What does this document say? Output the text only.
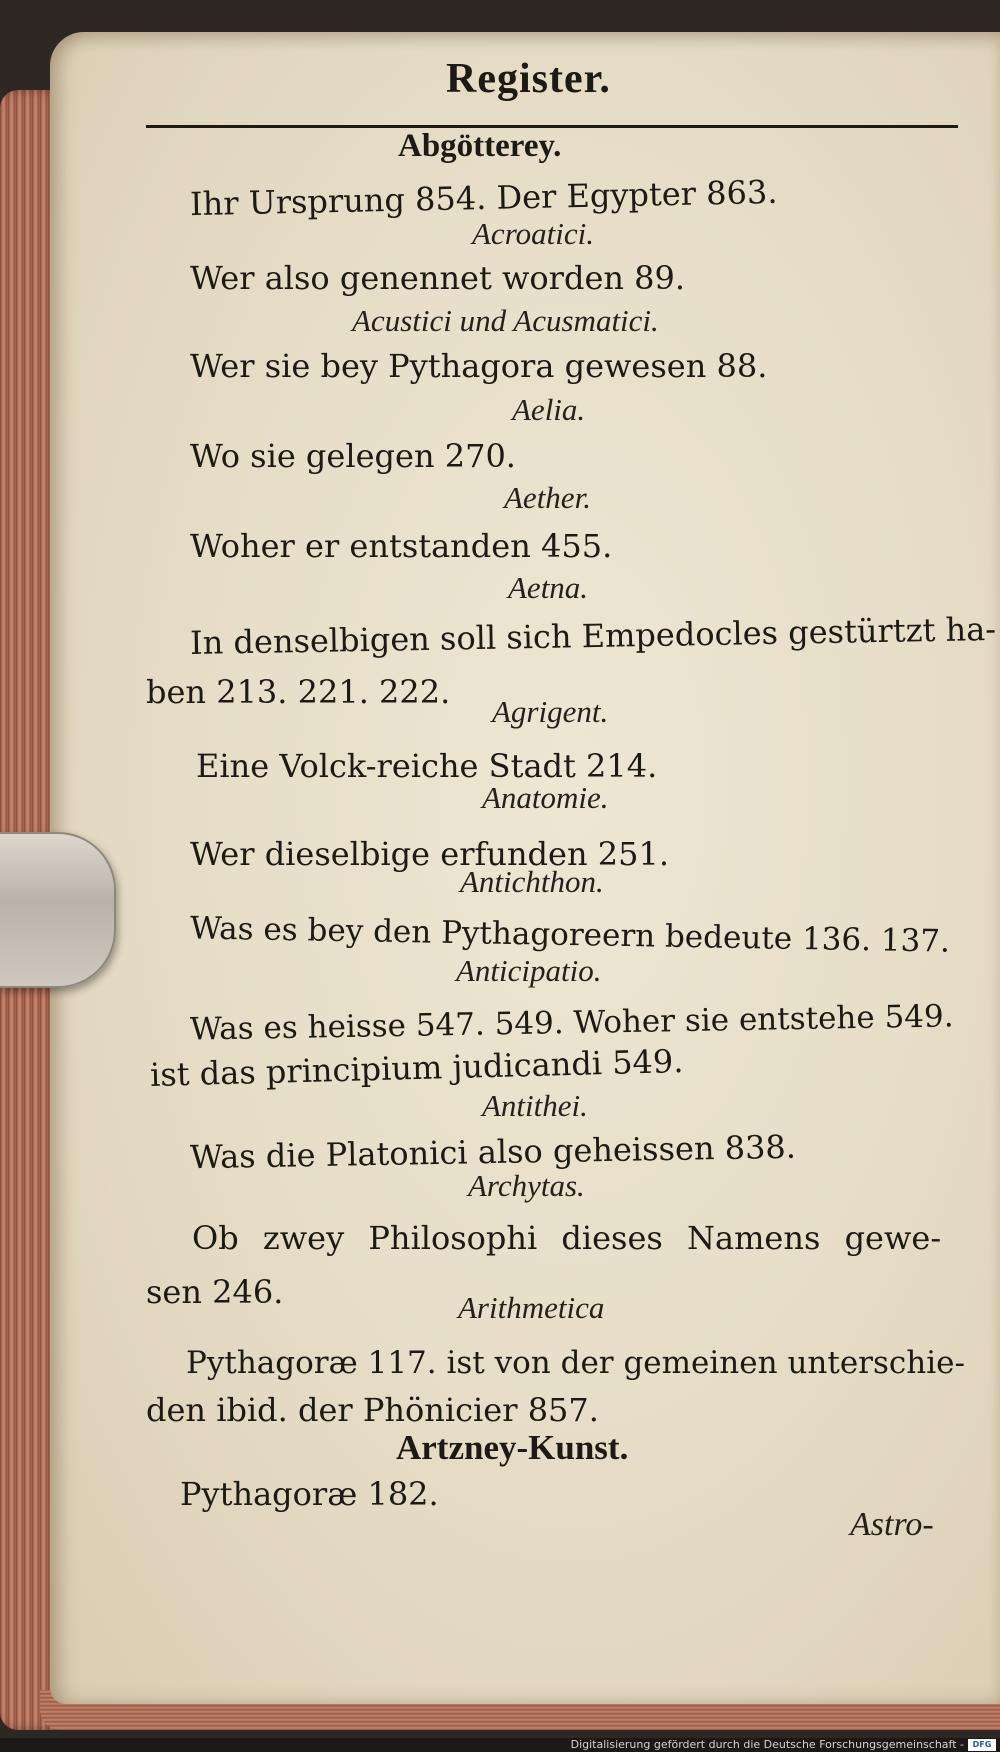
Register.
Abgötterey.
Ihr Ursprung 854. Der Egypter 863.
Acroatici.
Wer also genennet worden 89.
Acustici und Acusmatici.
Wer sie bey Pythagora gewesen 88.
Aelia.
Wo sie gelegen 270.
Aether.
Woher er entstanden 455.
Aetna.
In denselbigen soll sich Empedocles gestürtzt ha-
ben 213. 221. 222.
Agrigent.
Eine Volck-reiche Stadt 214.
Anatomie.
Wer dieselbige erfunden 251.
Antichthon.
Was es bey den Pythagoreern bedeute 136. 137.
Anticipatio.
Was es heisse 547. 549. Woher sie entstehe 549.
ist das principium judicandi 549.
Antithei.
Was die Platonici also geheissen 838.
Archytas.
Ob zwey Philosophi dieses Namens gewe-
sen 246.	Arithmetica
Pythagoræ 117. ist von der gemeinen unterschie-
den ibid. der Phönicier 857.
Artzney-Kunst.
Pythagoræ 182.
Astro-
Digitalisierung gefördert durch die Deutsche Forschungsgemeinschaft -	DFG
